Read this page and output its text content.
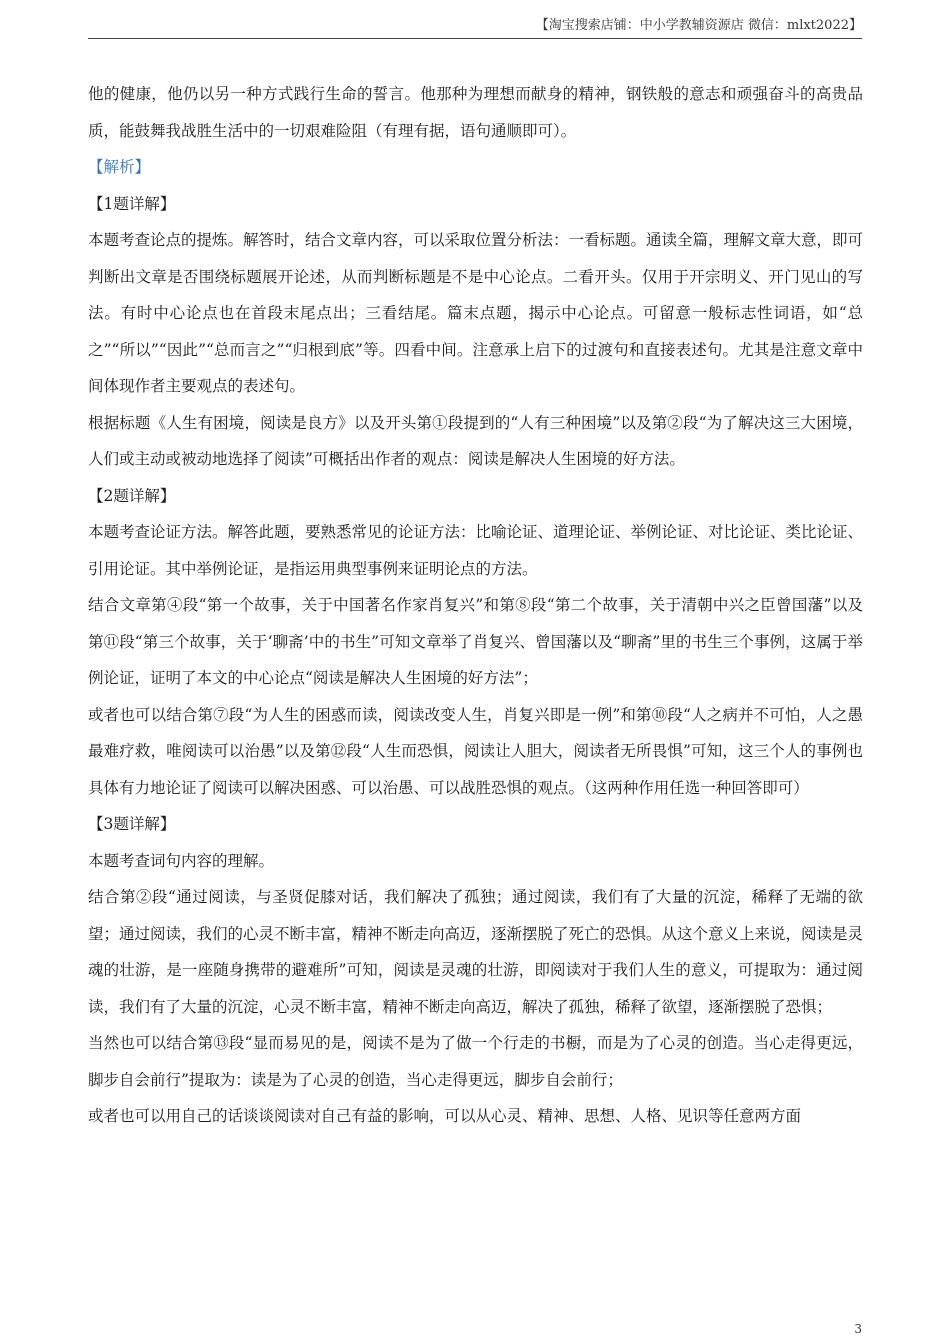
【淘宝搜索店铺：中小学教辅资源店 微信：mlxt2022】

他的健康，他仍以另一种方式践行生命的誓言。他那种为理想而献身的精神，钢铁般的意志和顽强奋斗的高贵品质，能鼓舞我战胜生活中的一切艰难险阻（有理有据，语句通顺即可）。

【解析】

【1题详解】

本题考查论点的提炼。解答时，结合文章内容，可以采取位置分析法：一看标题。通读全篇，理解文章大意，即可判断出文章是否围绕标题展开论述，从而判断标题是不是中心论点。二看开头。仅用于开宗明义、开门见山的写法。有时中心论点也在首段末尾点出；三看结尾。篇末点题，揭示中心论点。可留意一般标志性词语，如“总之”“所以”“因此”“总而言之”“归根到底”等。四看中间。注意承上启下的过渡句和直接表述句。尤其是注意文章中间体现作者主要观点的表述句。

根据标题《人生有困境，阅读是良方》以及开头第①段提到的“人有三种困境”以及第②段“为了解决这三大困境，人们或主动或被动地选择了阅读”可概括出作者的观点：阅读是解决人生困境的好方法。

【2题详解】

本题考查论证方法。解答此题，要熟悉常见的论证方法：比喻论证、道理论证、举例论证、对比论证、类比论证、引用论证。其中举例论证，是指运用典型事例来证明论点的方法。

结合文章第④段“第一个故事，关于中国著名作家肖复兴”和第⑧段“第二个故事，关于清朝中兴之臣曾国藩”以及第⑪段“第三个故事，关于‘聊斋’中的书生”可知文章举了肖复兴、曾国藩以及“聊斋”里的书生三个事例，这属于举例论证，证明了本文的中心论点“阅读是解决人生困境的好方法”；

或者也可以结合第⑦段“为人生的困惑而读，阅读改变人生，肖复兴即是一例”和第⑩段“人之病并不可怕，人之愚最难疗救，唯阅读可以治愚”以及第⑫段“人生而恐惧，阅读让人胆大，阅读者无所畏惧”可知，这三个人的事例也具体有力地论证了阅读可以解决困惑、可以治愚、可以战胜恐惧的观点。（这两种作用任选一种回答即可）

【3题详解】

本题考查词句内容的理解。

结合第②段“通过阅读，与圣贤促膝对话，我们解决了孤独；通过阅读，我们有了大量的沉淀，稀释了无端的欲望；通过阅读，我们的心灵不断丰富，精神不断走向高迈，逐渐摆脱了死亡的恐惧。从这个意义上来说，阅读是灵魂的壮游，是一座随身携带的避难所”可知，阅读是灵魂的壮游，即阅读对于我们人生的意义，可提取为：通过阅读，我们有了大量的沉淀，心灵不断丰富，精神不断走向高迈，解决了孤独，稀释了欲望，逐渐摆脱了恐惧；

当然也可以结合第⑬段“显而易见的是，阅读不是为了做一个行走的书橱，而是为了心灵的创造。当心走得更远，脚步自会前行”提取为：读是为了心灵的创造，当心走得更远，脚步自会前行；

或者也可以用自己的话谈谈阅读对自己有益的影响，可以从心灵、精神、思想、人格、见识等任意两方面

3
